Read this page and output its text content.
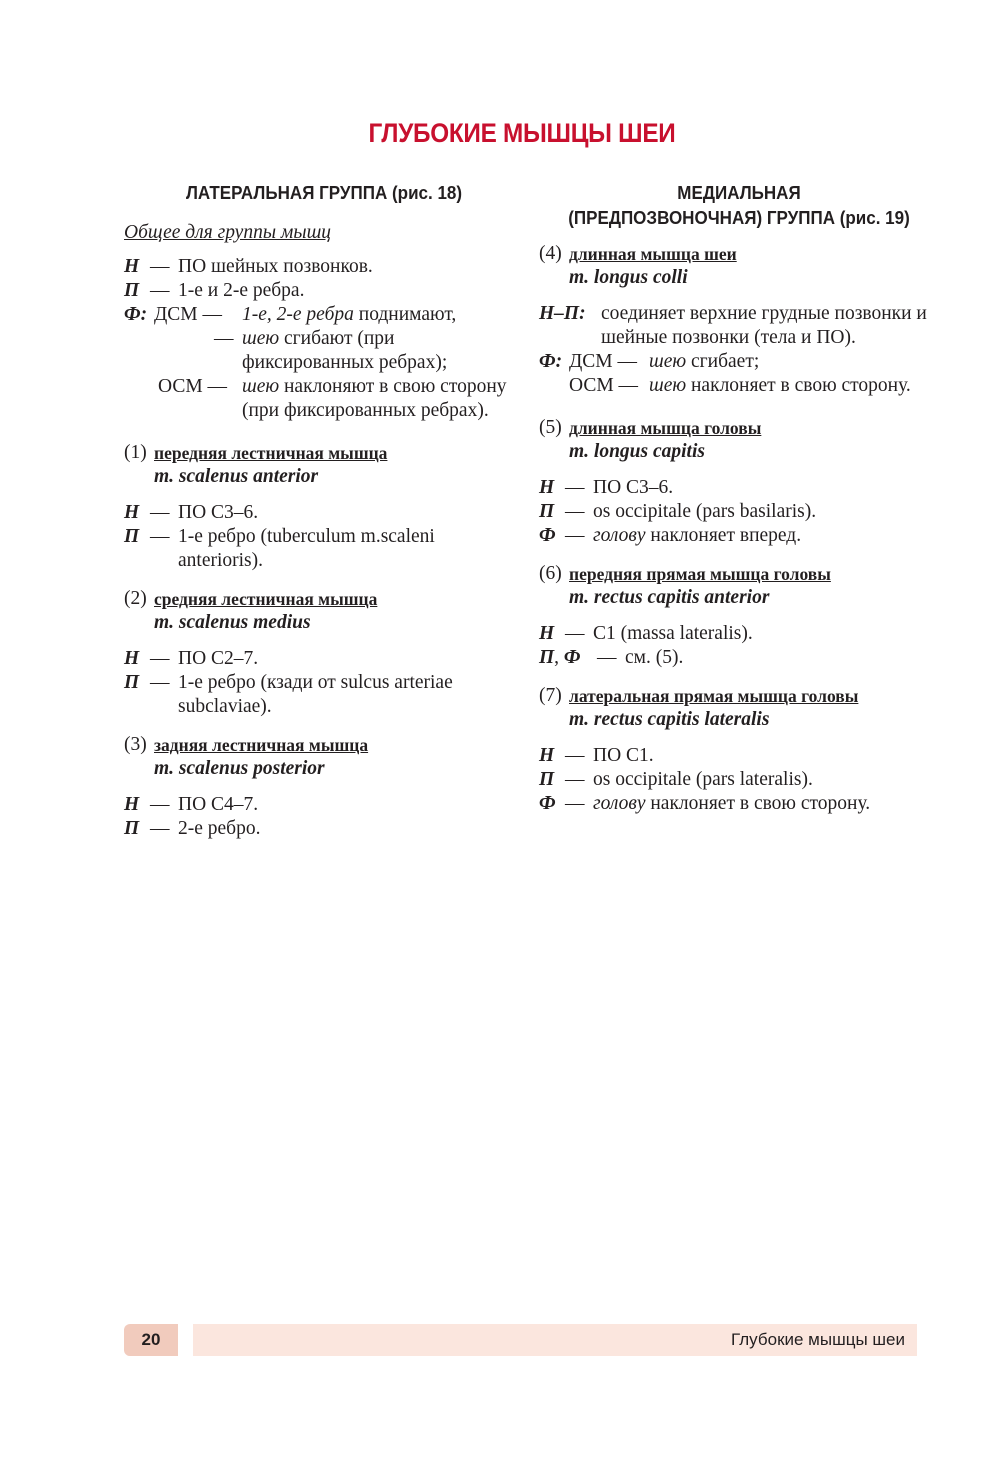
ГЛУБОКИЕ МЫШЦЫ ШЕИ
ЛАТЕРАЛЬНАЯ ГРУППА (рис. 18)
Общее для группы мышц
Н — ПО шейных позвонков.
П — 1-е и 2-е ребра.
Ф: ДСМ —	1-е, 2-е ребра поднимают,
— шею сгибают (при фиксированных ребрах);
ОСМ — шею наклоняют в свою сторону (при фиксированных ребрах).
(1) передняя лестничная мышца
m. scalenus anterior
Н — ПО С3–6.
П — 1-е ребро (tuberculum m.scaleni anterioris).
(2) средняя лестничная мышца
m. scalenus medius
Н — ПО С2–7.
П — 1-е ребро (кзади от sulcus arteriae subclaviae).
(3) задняя лестничная мышца
m. scalenus posterior
Н — ПО С4–7.
П — 2-е ребро.
МЕДИАЛЬНАЯ
(ПРЕДПОЗВОНОЧНАЯ) ГРУППА (рис. 19)
(4) длинная мышца шеи
m. longus colli
Н–П: соединяет верхние грудные позвонки и шейные позвонки (тела и ПО).
Ф: ДСМ — шею сгибает;
ОСМ — шею наклоняет в свою сторону.
(5) длинная мышца головы
m. longus capitis
Н — ПО С3–6.
П — os occipitale (pars basilaris).
Ф — голову наклоняет вперед.
(6) передняя прямая мышца головы
m. rectus capitis anterior
Н — С1 (massa lateralis).
П, Ф — см. (5).
(7) латеральная прямая мышца головы
m. rectus capitis lateralis
Н — ПО С1.
П — os occipitale (pars lateralis).
Ф — голову наклоняет в свою сторону.
20	Глубокие мышцы шеи
